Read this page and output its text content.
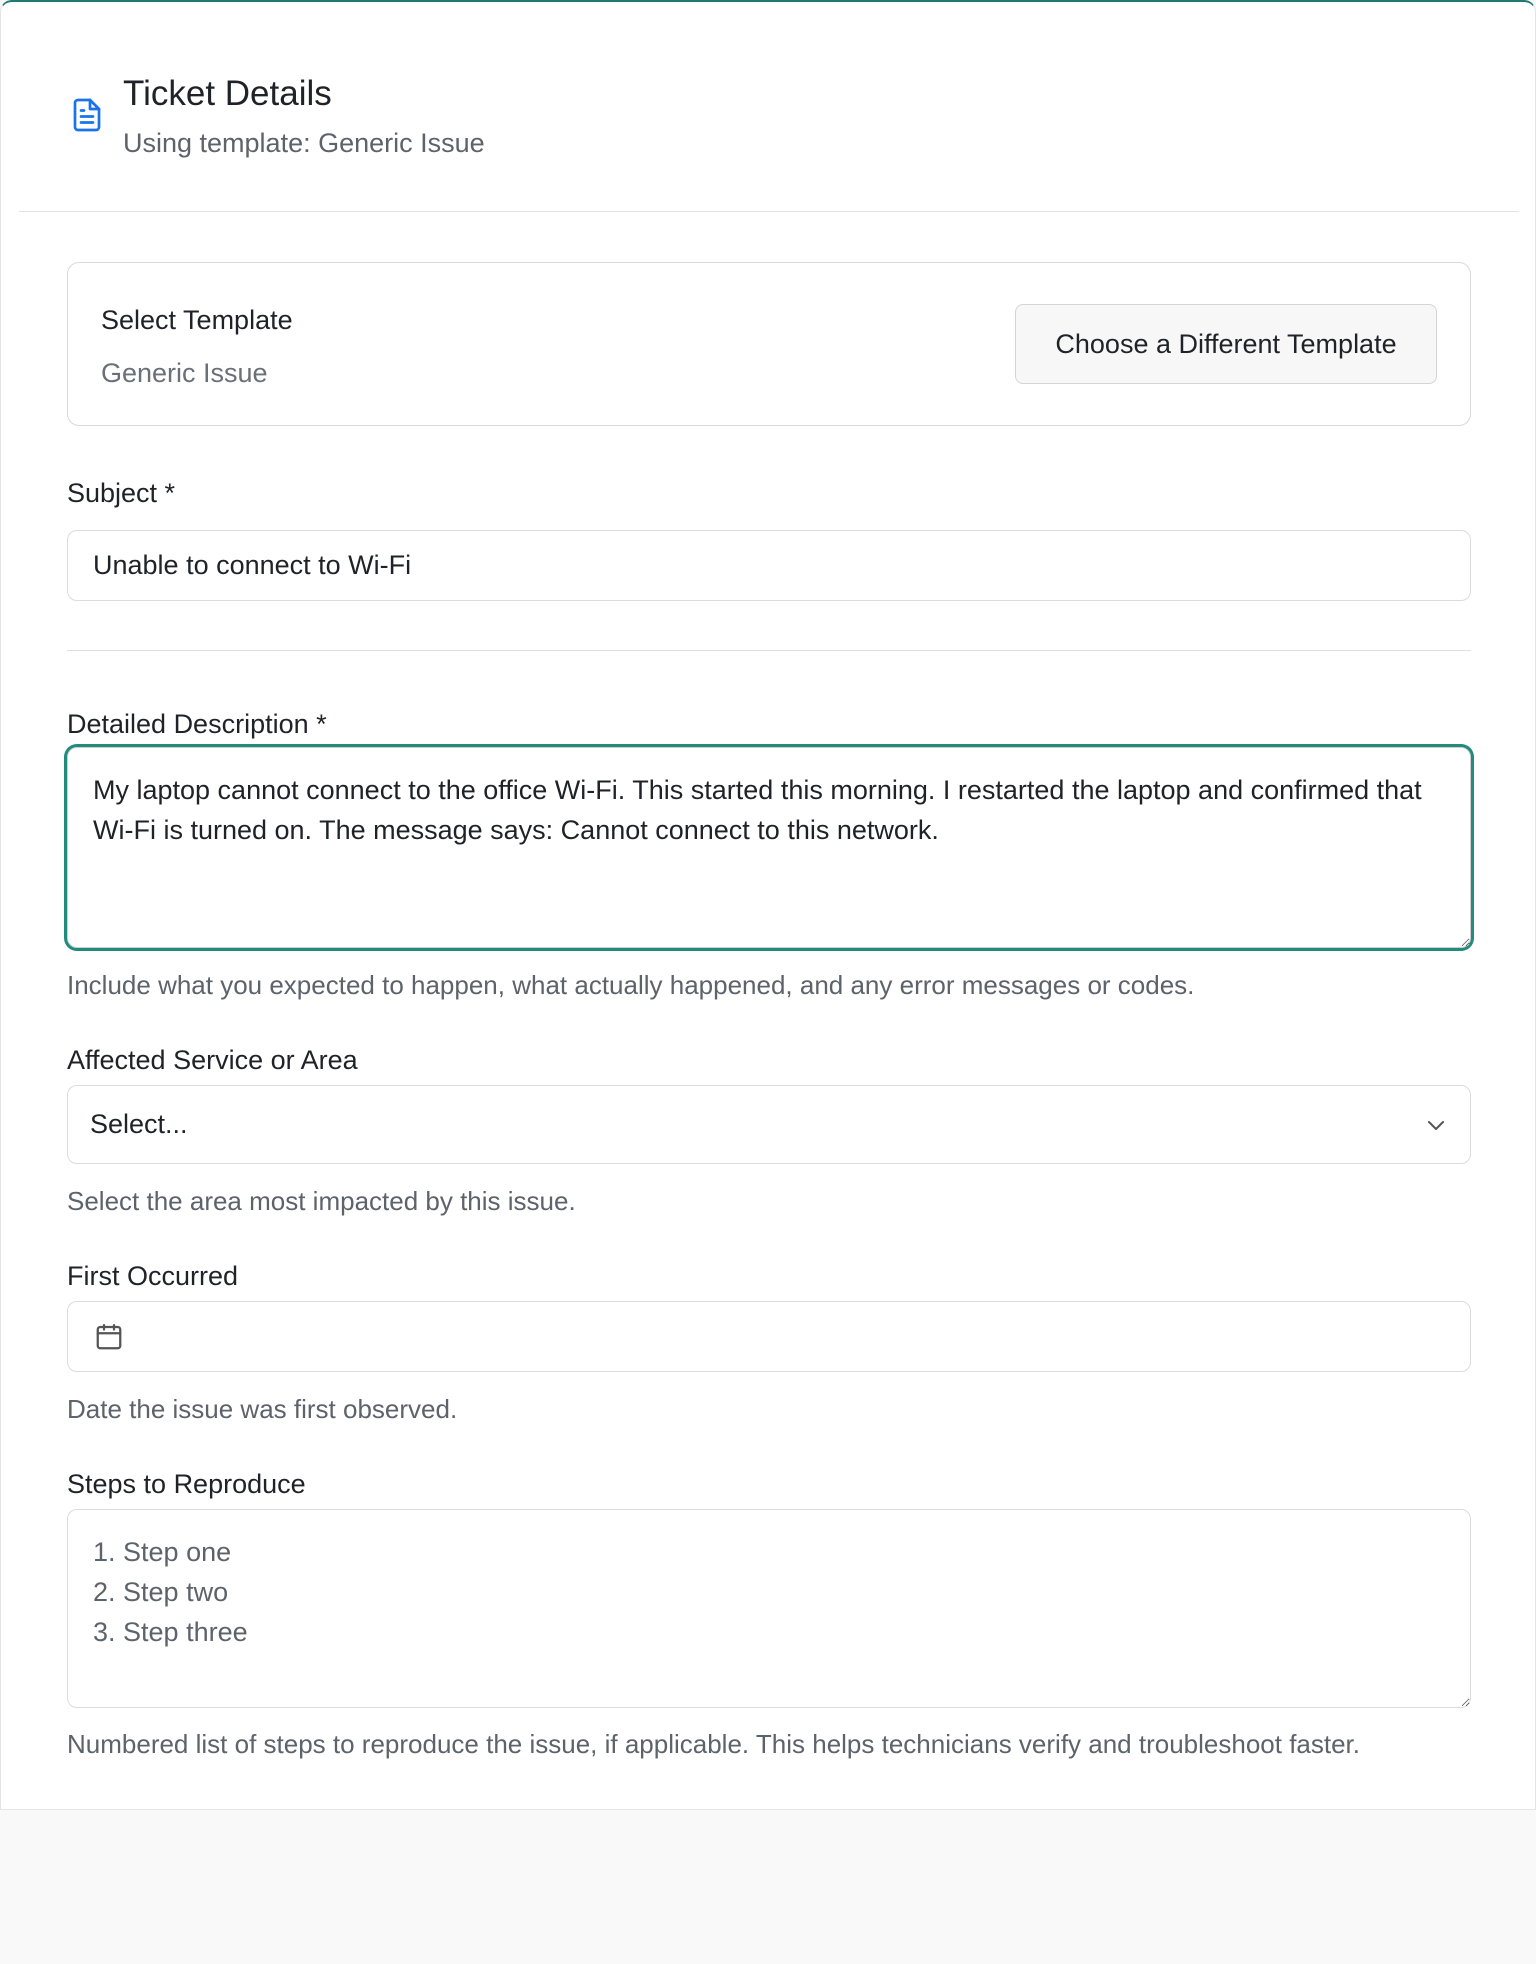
Ticket Details
Using template: Generic Issue
Select Template
Generic Issue
Choose a Different Template
Subject *
Unable to connect to Wi-Fi
Detailed Description *
My laptop cannot connect to the office Wi-Fi. This started this morning. I restarted the laptop and confirmed that Wi-Fi is turned on. The message says: Cannot connect to this network.
Include what you expected to happen, what actually happened, and any error messages or codes.
Affected Service or Area
Select...
Select the area most impacted by this issue.
First Occurred
Date the issue was first observed.
Steps to Reproduce
1. Step one 2. Step two 3. Step three
Numbered list of steps to reproduce the issue, if applicable. This helps technicians verify and troubleshoot faster.
